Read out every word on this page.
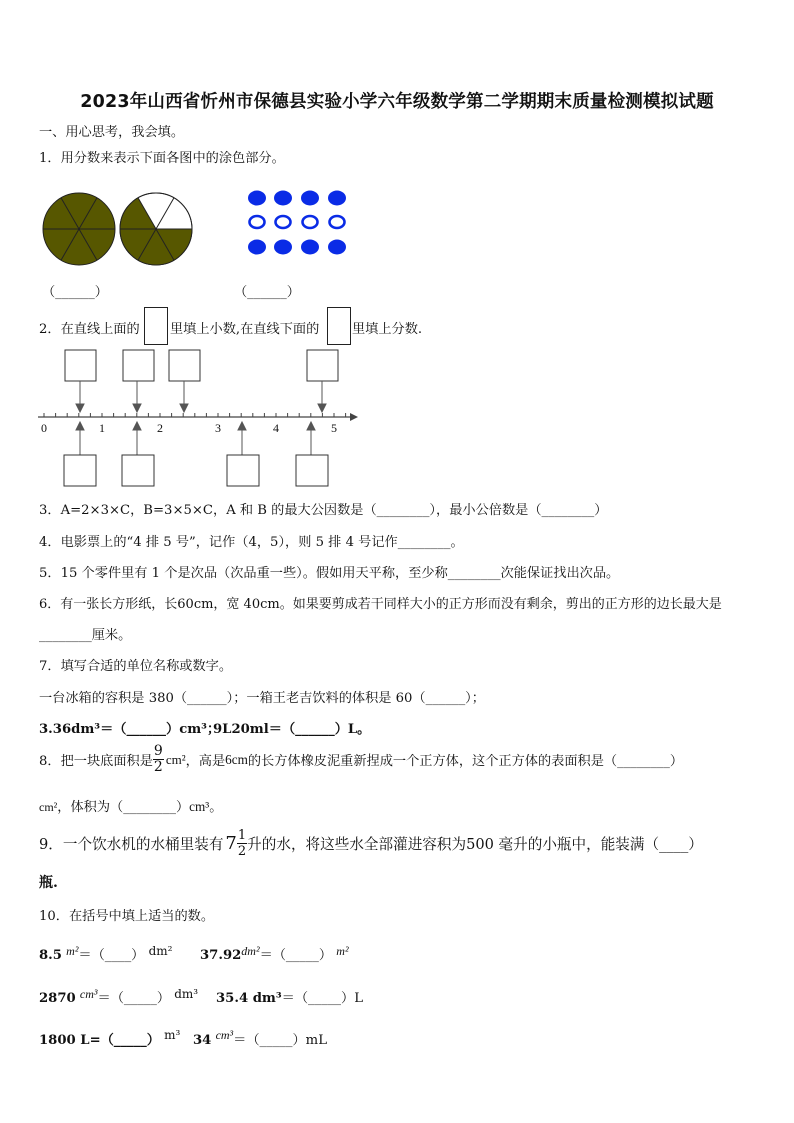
2023年山西省忻州市保德县实验小学六年级数学第二学期期末质量检测模拟试题
一、用心思考，我会填。
1．用分数来表示下面各图中的涂色部分。
（______）	（______）
2．在直线上面的 里填上小数,在直线下面的 里填上分数.
0	1	2	3	4	5
3．A=2×3×C，B=3×5×C，A 和 B 的最大公因数是（________），最小公倍数是（________）
4．电影票上的“4 排 5 号”，记作（4，5），则 5 排 4 号记作________。
5．15 个零件里有 1 个是次品（次品重一些）。假如用天平称，至少称________次能保证找出次品。
6．有一张长方形纸，长60cm，宽 40cm。如果要剪成若干同样大小的正方形而没有剩余，剪出的正方形的边长最大是
________厘米。
7．填写合适的单位名称或数字。
一台冰箱的容积是 380（______）；一箱王老吉饮料的体积是 60（______）；
3.36dm³＝（______）cm³；
9L20ml＝（______）L。
8．把一块底面积是 $\frac{9}{2} cm^2$ ，高是 6cm 的长方体橡皮泥重新捏成一个正方体，这个正方体的表面积是（________）
cm²，体积为（________）cm³。
9．一个饮水机的水桶里装有 $7 \frac{1}{2}$ 升的水，将这些水全部灌进容积为500 毫升的小瓶中，能装满（____）
瓶.
10．在括号中填上适当的数。
8.5 m²＝（____） dm² 37.92dm²＝（_____） m²
2870 cm³＝（_____） dm³ 35.4 dm³＝（_____）L
1800 L=（_____） m³ 34 cm³＝（_____）mL
